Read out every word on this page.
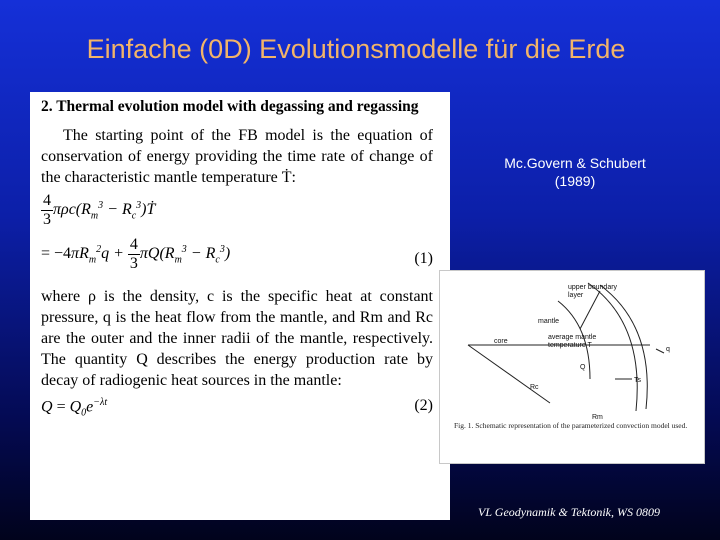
Einfache (0D) Evolutionsmodelle für die Erde
2. Thermal evolution model with degassing and regassing
The starting point of the FB model is the equation of conservation of energy providing the time rate of change of the characteristic mantle temperature Ṫ:
$\frac{4}{3} \pi\rho c(R_m^3$ − $R_c^3)Ṫ$
= $-4\pi R_m^2q + \frac{4}{3} \pi Q(R_m^3 - R_c^3)$	(1)
where ρ is the density, c is the specific heat at constant pressure, q is the heat flow from the mantle, and Rm and Rc are the outer and the inner radii of the mantle, respectively. The quantity Q describes the energy production rate by decay of radiogenic heat sources in the mantle:
$Q = Q_0e^{-\lambda t}$	(2)
Mc.Govern & Schubert
(1989)
upper boundary
layer
mantle
core
average mantle
temperature T
q
Q
Rc
Rm
Ts
Fig. 1. Schematic representation of the parameterized convection model used.
VL Geodynamik & Tektonik, WS 0809
